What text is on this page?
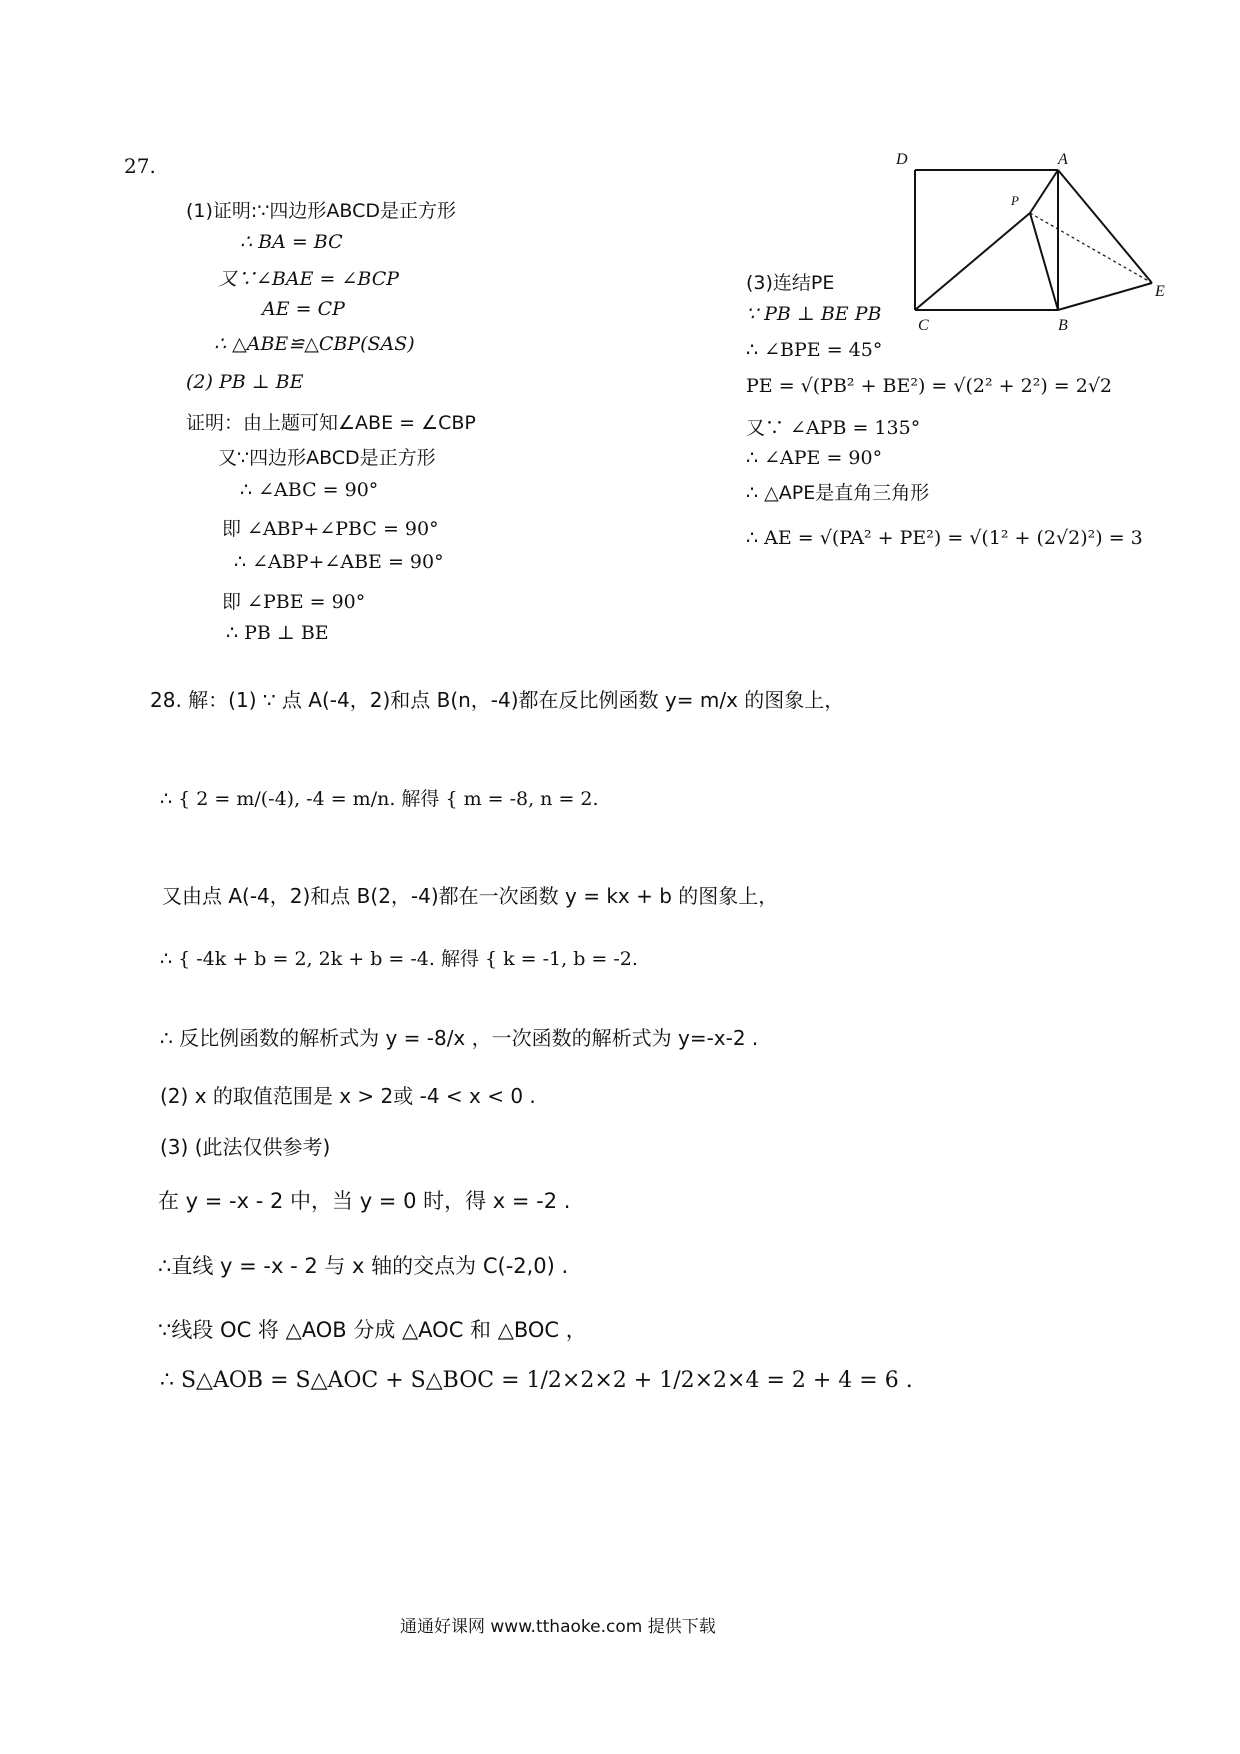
27.
(1)证明:∵四边形ABCD是正方形
∴ BA = BC
又∵∠BAE = ∠BCP
AE = CP
∴ △ABE≌△CBP(SAS)
(2) PB ⊥ BE
证明：由上题可知∠ABE = ∠CBP
又∵四边形ABCD是正方形
∴ ∠ABC = 90°
即 ∠ABP+∠PBC = 90°
∴ ∠ABP+∠ABE = 90°
即 ∠PBE = 90°
∴ PB ⊥ BE
D	A
P
E
C	B
(3)连结PE
∵ PB ⊥ BE PB
∴ ∠BPE = 45°
PE = √(PB² + BE²) = √(2² + 2²) = 2√2
又∵ ∠APB = 135°
∴ ∠APE = 90°
∴ △APE是直角三角形
∴ AE = √(PA² + PE²) = √(1² + (2√2)²) = 3
28. 解：(1) ∵ 点 A(-4，2)和点 B(n，-4)都在反比例函数 y= m/x 的图象上，
∴ { 2 = m/(-4), -4 = m/n. 解得 { m = -8, n = 2.
又由点 A(-4，2)和点 B(2，-4)都在一次函数 y = kx + b 的图象上，
∴ { -4k + b = 2, 2k + b = -4. 解得 { k = -1, b = -2.
∴ 反比例函数的解析式为 y = -8/x ，一次函数的解析式为 y=-x-2 .
(2) x 的取值范围是 x > 2或 -4 < x < 0 .
(3) (此法仅供参考)
在 y = -x - 2 中，当 y = 0 时，得 x = -2 .
∴直线 y = -x - 2 与 x 轴的交点为 C(-2,0) .
∵线段 OC 将 △AOB 分成 △AOC 和 △BOC ，
∴ S△AOB = S△AOC + S△BOC = 1/2×2×2 + 1/2×2×4 = 2 + 4 = 6 .
通通好课网 www.tthaoke.com 提供下载
